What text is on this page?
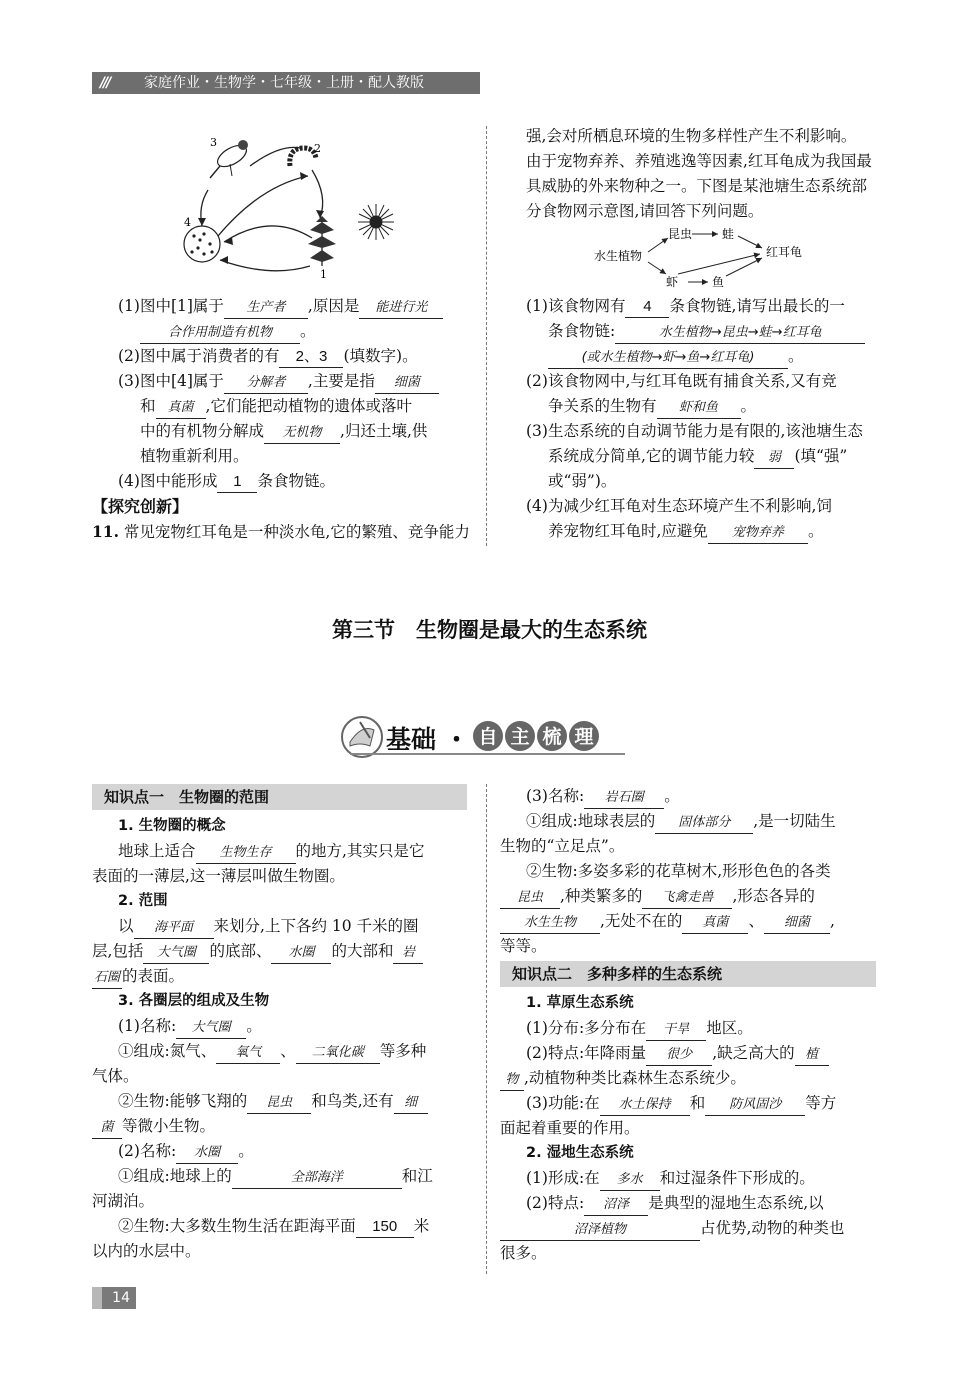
/// 家庭作业・生物学・七年级・上册・配人教版
1
2
3
4

(1)图中[1]属于 生产者 ,原因是 能进行光

合作用制造有机物 。

(2)图中属于消费者的有 2、3 (填数字)。

(3)图中[4]属于 分解者 ,主要是指 细菌

和 真菌 ,它们能把动植物的遗体或落叶

中的有机物分解成 无机物 ,归还土壤,供

植物重新利用。

(4)图中能形成 1 条食物链。

【探究创新】

11. 常见宠物红耳龟是一种淡水龟,它的繁殖、竞争能力

强,会对所栖息环境的生物多样性产生不利影响。

由于宠物弃养、养殖逃逸等因素,红耳龟成为我国最

具威胁的外来物种之一。下图是某池塘生态系统部

分食物网示意图,请回答下列问题。

水生植物
昆虫 蛙
虾	鱼
红耳龟

(1)该食物网有 4 条食物链,请写出最长的一

条食物链:	水生植物→昆虫→蛙→红耳龟

(或水生植物→虾→鱼→红耳龟) 。

(2)该食物网中,与红耳龟既有捕食关系,又有竞

争关系的生物有 虾和鱼 。

(3)生态系统的自动调节能力是有限的,该池塘生态

系统成分简单,它的调节能力较 弱 (填“强”

或“弱”)。

(4)为减少红耳龟对生态环境产生不利影响,饲

养宠物红耳龟时,应避免 宠物弃养 。

第三节　生物圈是最大的生态系统
基础 ・ 自 主 梳 理
知识点一　生物圈的范围

1. 生物圈的概念

地球上适合 生物生存 的地方,其实只是它

表面的一薄层,这一薄层叫做生物圈。

2. 范围

以 海平面 来划分,上下各约 10 千米的圈

层,包括 大气圈 的底部、 水圈 的大部和 岩

石圈 的表面。

3. 各圈层的组成及生物

(1)名称: 大气圈 。

①组成:氮气、 氧气 、 二氧化碳 等多种

气体。

②生物:能够飞翔的 昆虫 和鸟类,还有 细

菌 等微小生物。

(2)名称: 水圈 。

①组成:地球上的	全部海洋	和江

河湖泊。

②生物:大多数生物生活在距海平面 150 米

以内的水层中。

(3)名称: 岩石圈 。

①组成:地球表层的 固体部分 ,是一切陆生

生物的“立足点”。

②生物:多姿多彩的花草树木,形形色色的各类

昆虫 ,种类繁多的 飞禽走兽 ,形态各异的

水生生物 ,无处不在的 真菌 、 细菌 ,

等等。

知识点二　多种多样的生态系统

1. 草原生态系统

(1)分布:多分布在 干旱 地区。

(2)特点:年降雨量 很少 ,缺乏高大的 植

物 ,动植物种类比森林生态系统少。

(3)功能:在 水土保持 和 防风固沙 等方

面起着重要的作用。

2. 湿地生态系统

(1)形成:在 多水 和过湿条件下形成的。

(2)特点: 沼泽 是典型的湿地生态系统,以

沼泽植物	占优势,动物的种类也

很多。

14
